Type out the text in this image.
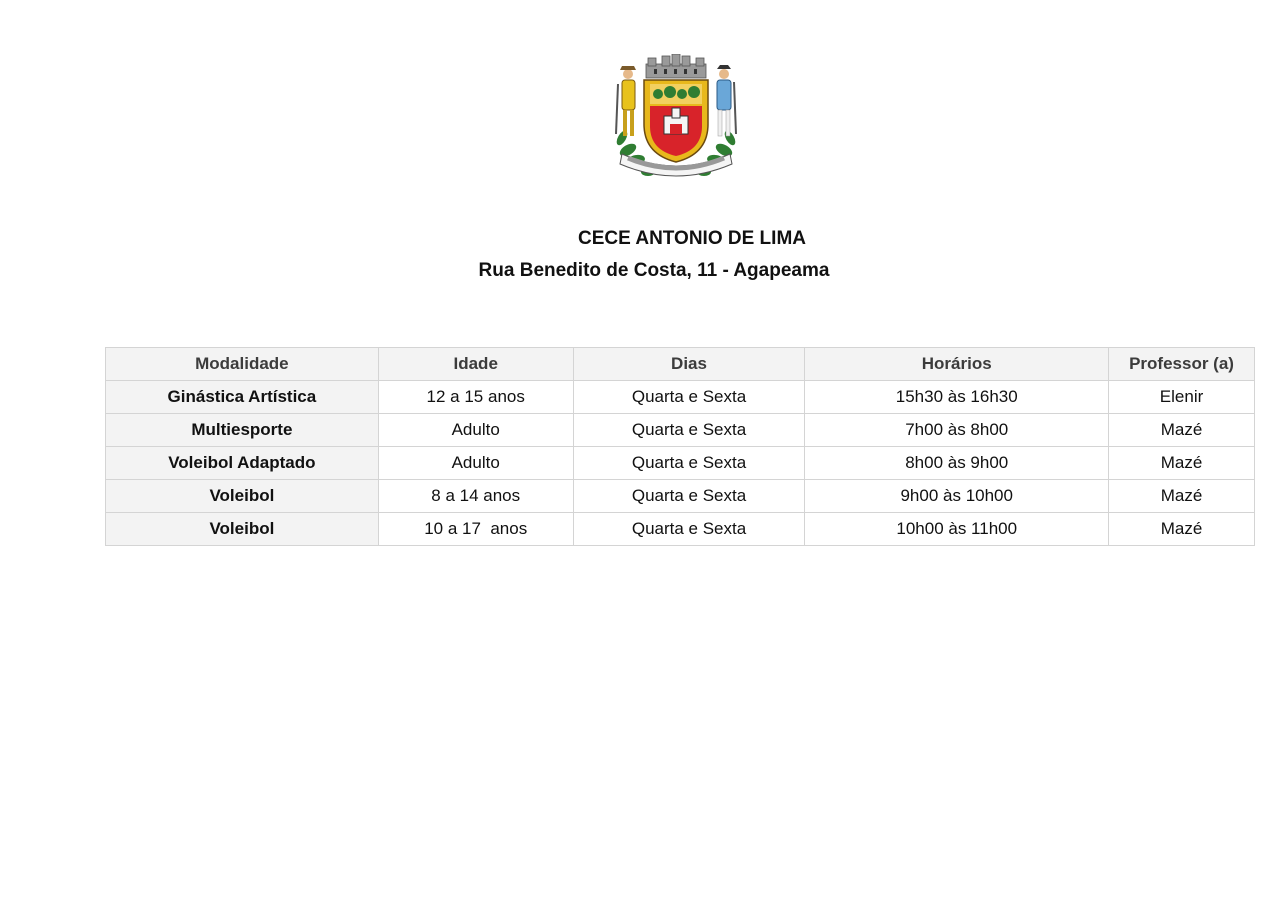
CECE ANTONIO DE LIMA
Rua Benedito de Costa, 11 - Agapeama
Modalidade	Idade	Dias	Horários	Professor (a)
Ginástica Artística	12 a 15 anos	Quarta e Sexta	15h30 às 16h30	Elenir
Multiesporte	Adulto	Quarta e Sexta	7h00 às 8h00	Mazé
Voleibol Adaptado	Adulto	Quarta e Sexta	8h00 às 9h00	Mazé
Voleibol	8 a 14 anos	Quarta e Sexta	9h00 às 10h00	Mazé
Voleibol	10 a 17  anos	Quarta e Sexta	10h00 às 11h00	Mazé
